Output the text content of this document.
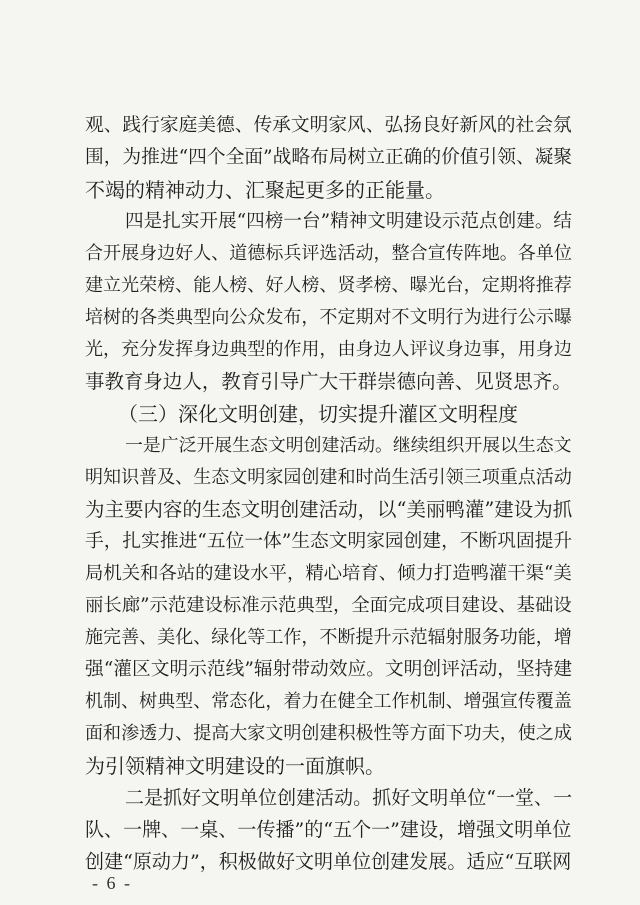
观、践行家庭美德、传承文明家风、弘扬良好新风的社会氛
围，为推进“四个全面”战略布局树立正确的价值引领、凝聚
不竭的精神动力、汇聚起更多的正能量。
四是扎实开展“四榜一台”精神文明建设示范点创建。结
合开展身边好人、道德标兵评选活动，整合宣传阵地。各单位
建立光荣榜、能人榜、好人榜、贤孝榜、曝光台，定期将推荐
培树的各类典型向公众发布，不定期对不文明行为进行公示曝
光，充分发挥身边典型的作用，由身边人评议身边事，用身边
事教育身边人，教育引导广大干群崇德向善、见贤思齐。
（三）深化文明创建，切实提升灌区文明程度
一是广泛开展生态文明创建活动。继续组织开展以生态文
明知识普及、生态文明家园创建和时尚生活引领三项重点活动
为主要内容的生态文明创建活动，以“美丽鸭灌”建设为抓
手，扎实推进“五位一体”生态文明家园创建，不断巩固提升
局机关和各站的建设水平，精心培育、倾力打造鸭灌干渠“美
丽长廊”示范建设标准示范典型，全面完成项目建设、基础设
施完善、美化、绿化等工作，不断提升示范辐射服务功能，增
强“灌区文明示范线”辐射带动效应。文明创评活动，坚持建
机制、树典型、常态化，着力在健全工作机制、增强宣传覆盖
面和渗透力、提高大家文明创建积极性等方面下功夫，使之成
为引领精神文明建设的一面旗帜。
二是抓好文明单位创建活动。抓好文明单位“一堂、一
队、一牌、一桌、一传播”的“五个一”建设，增强文明单位
创建“原动力”，积极做好文明单位创建发展。适应“互联网
- 6 -
